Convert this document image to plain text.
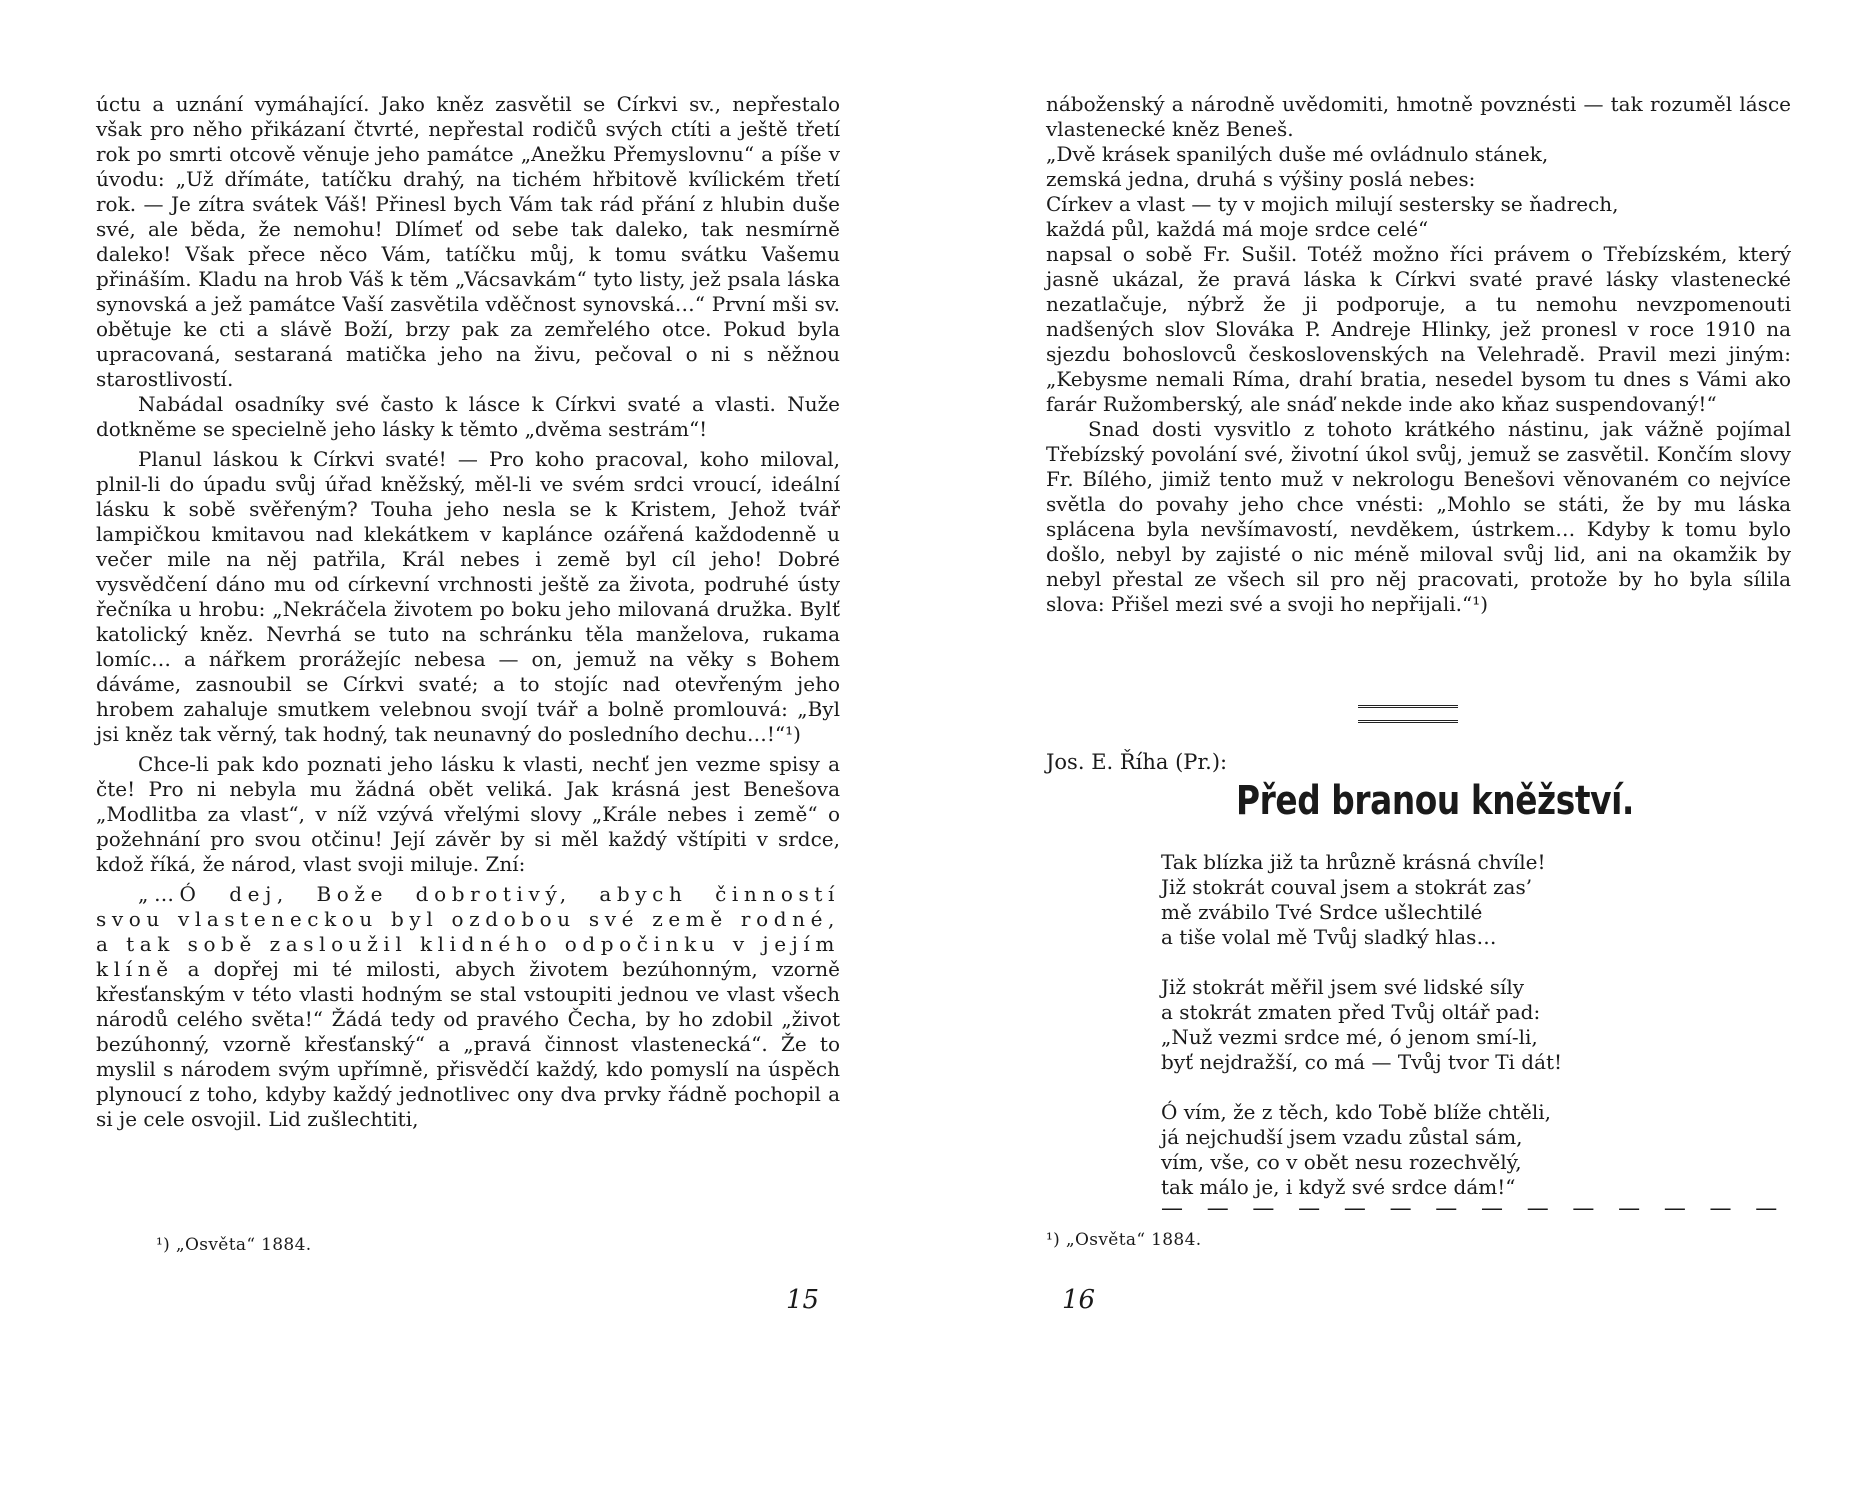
úctu a uznání vymáhající. Jako kněz zasvětil se Církvi sv., nepřestalo však pro něho přikázaní čtvrté, nepřestal rodičů svých ctíti a ještě třetí rok po smrti otcově věnuje jeho památce „Anežku Přemyslovnu“ a píše v úvodu: „Už dřímáte, tatíčku drahý, na tichém hřbitově kvílickém třetí rok. — Je zítra svátek Váš! Přinesl bych Vám tak rád přání z hlubin duše své, ale běda, že nemohu! Dlímeť od sebe tak daleko, tak nesmírně daleko! Však přece něco Vám, tatíčku můj, k tomu svátku Vašemu přináším. Kladu na hrob Váš k těm „Vácsavkám“ tyto listy, jež psala láska synovská a jež památce Vaší zasvětila vděčnost synovská…“ První mši sv. obětuje ke cti a slávě Boží, brzy pak za zemřelého otce. Pokud byla upracovaná, sestaraná matička jeho na živu, pečoval o ni s něžnou starostlivostí.

Nabádal osadníky své často k lásce k Církvi svaté a vlasti. Nuže dotkněme se specielně jeho lásky k těmto „dvěma sestrám“!

Planul láskou k Církvi svaté! — Pro koho pracoval, koho miloval, plnil-li do úpadu svůj úřad kněžský, měl-li ve svém srdci vroucí, ideální lásku k sobě svěřeným? Touha jeho nesla se k Kristem, Jehož tvář lampičkou kmitavou nad klekátkem v kaplánce ozářená každodenně u večer mile na něj patřila, Král nebes i země byl cíl jeho! Dobré vysvědčení dáno mu od církevní vrchnosti ještě za života, podruhé ústy řečníka u hrobu: „Nekráčela životem po boku jeho milovaná družka. Bylť katolický kněz. Nevrhá se tuto na schránku těla manželova, rukama lomíc… a nářkem prorážejíc nebesa — on, jemuž na věky s Bohem dáváme, zasnoubil se Církvi svaté; a to stojíc nad otevřeným jeho hrobem zahaluje smutkem velebnou svojí tvář a bolně promlouvá: „Byl jsi kněz tak věrný, tak hodný, tak neunavný do posledního dechu…!“¹)

Chce-li pak kdo poznati jeho lásku k vlasti, nechť jen vezme spisy a čte! Pro ni nebyla mu žádná obět veliká. Jak krásná jest Benešova „Modlitba za vlast“, v níž vzývá vřelými slovy „Krále nebes i země“ o požehnání pro svou otčinu! Její závěr by si měl každý vštípiti v srdce, kdož říká, že národ, vlast svoji miluje. Zní:

„…Ó dej, Bože dobrotivý, abych činností svou vlasteneckou byl ozdobou své země rodné, a tak sobě zasloužil klidného odpočinku v jejím klíně a dopřej mi té milosti, abych životem bezúhonným, vzorně křesťanským v této vlasti hodným se stal vstoupiti jednou ve vlast všech národů celého světa!“ Žádá tedy od pravého Čecha, by ho zdobil „život bezúhonný, vzorně křesťanský“ a „pravá činnost vlastenecká“. Že to myslil s národem svým upřímně, přisvědčí každý, kdo pomyslí na úspěch plynoucí z toho, kdyby každý jednotlivec ony dva prvky řádně pochopil a si je cele osvojil. Lid zušlechtiti,

¹) „Osvěta“ 1884.
15

náboženský a národně uvědomiti, hmotně povznésti — tak rozuměl lásce vlastenecké kněz Beneš.

„Dvě krásek spanilých duše mé ovládnulo stánek,
zemská jedna, druhá s výšiny poslá nebes:
Církev a vlast — ty v mojich milují sestersky se ňadrech,
každá půl, každá má moje srdce celé“

napsal o sobě Fr. Sušil. Totéž možno říci právem o Třebízském, který jasně ukázal, že pravá láska k Církvi svaté pravé lásky vlastenecké nezatlačuje, nýbrž že ji podporuje, a tu nemohu nevzpomenouti nadšených slov Slováka P. Andreje Hlinky, jež pronesl v roce 1910 na sjezdu bohoslovců československých na Velehradě. Pravil mezi jiným: „Kebysme nemali Ríma, drahí bratia, nesedel bysom tu dnes s Vámi ako farár Ružomberský, ale snáď nekde inde ako kňaz suspendovaný!“

Snad dosti vysvitlo z tohoto krátkého nástinu, jak vážně pojímal Třebízský povolání své, životní úkol svůj, jemuž se zasvětil. Končím slovy Fr. Bílého, jimiž tento muž v nekrologu Benešovi věnovaném co nejvíce světla do povahy jeho chce vnésti: „Mohlo se státi, že by mu láska splácena byla nevšímavostí, nevděkem, ústrkem… Kdyby k tomu bylo došlo, nebyl by zajisté o nic méně miloval svůj lid, ani na okamžik by nebyl přestal ze všech sil pro něj pracovati, protože by ho byla sílila slova: Přišel mezi své a svoji ho nepřijali.“¹)

Jos. E. Říha (Pr.):
Před branou kněžství.
Tak blízka již ta hrůzně krásná chvíle!
Již stokrát couval jsem a stokrát zas’
mě zvábilo Tvé Srdce ušlechtilé
a tiše volal mě Tvůj sladký hlas…
Již stokrát měřil jsem své lidské síly
a stokrát zmaten před Tvůj oltář pad:
„Nuž vezmi srdce mé, ó jenom smí-li,
byť nejdražší, co má — Tvůj tvor Ti dát!
Ó vím, že z těch, kdo Tobě blíže chtěli,
já nejchudší jsem vzadu zůstal sám,
vím, vše, co v obět nesu rozechvělý,
tak málo je, i když své srdce dám!“
— — — — — — — — — — — — — —
¹) „Osvěta“ 1884.
16
